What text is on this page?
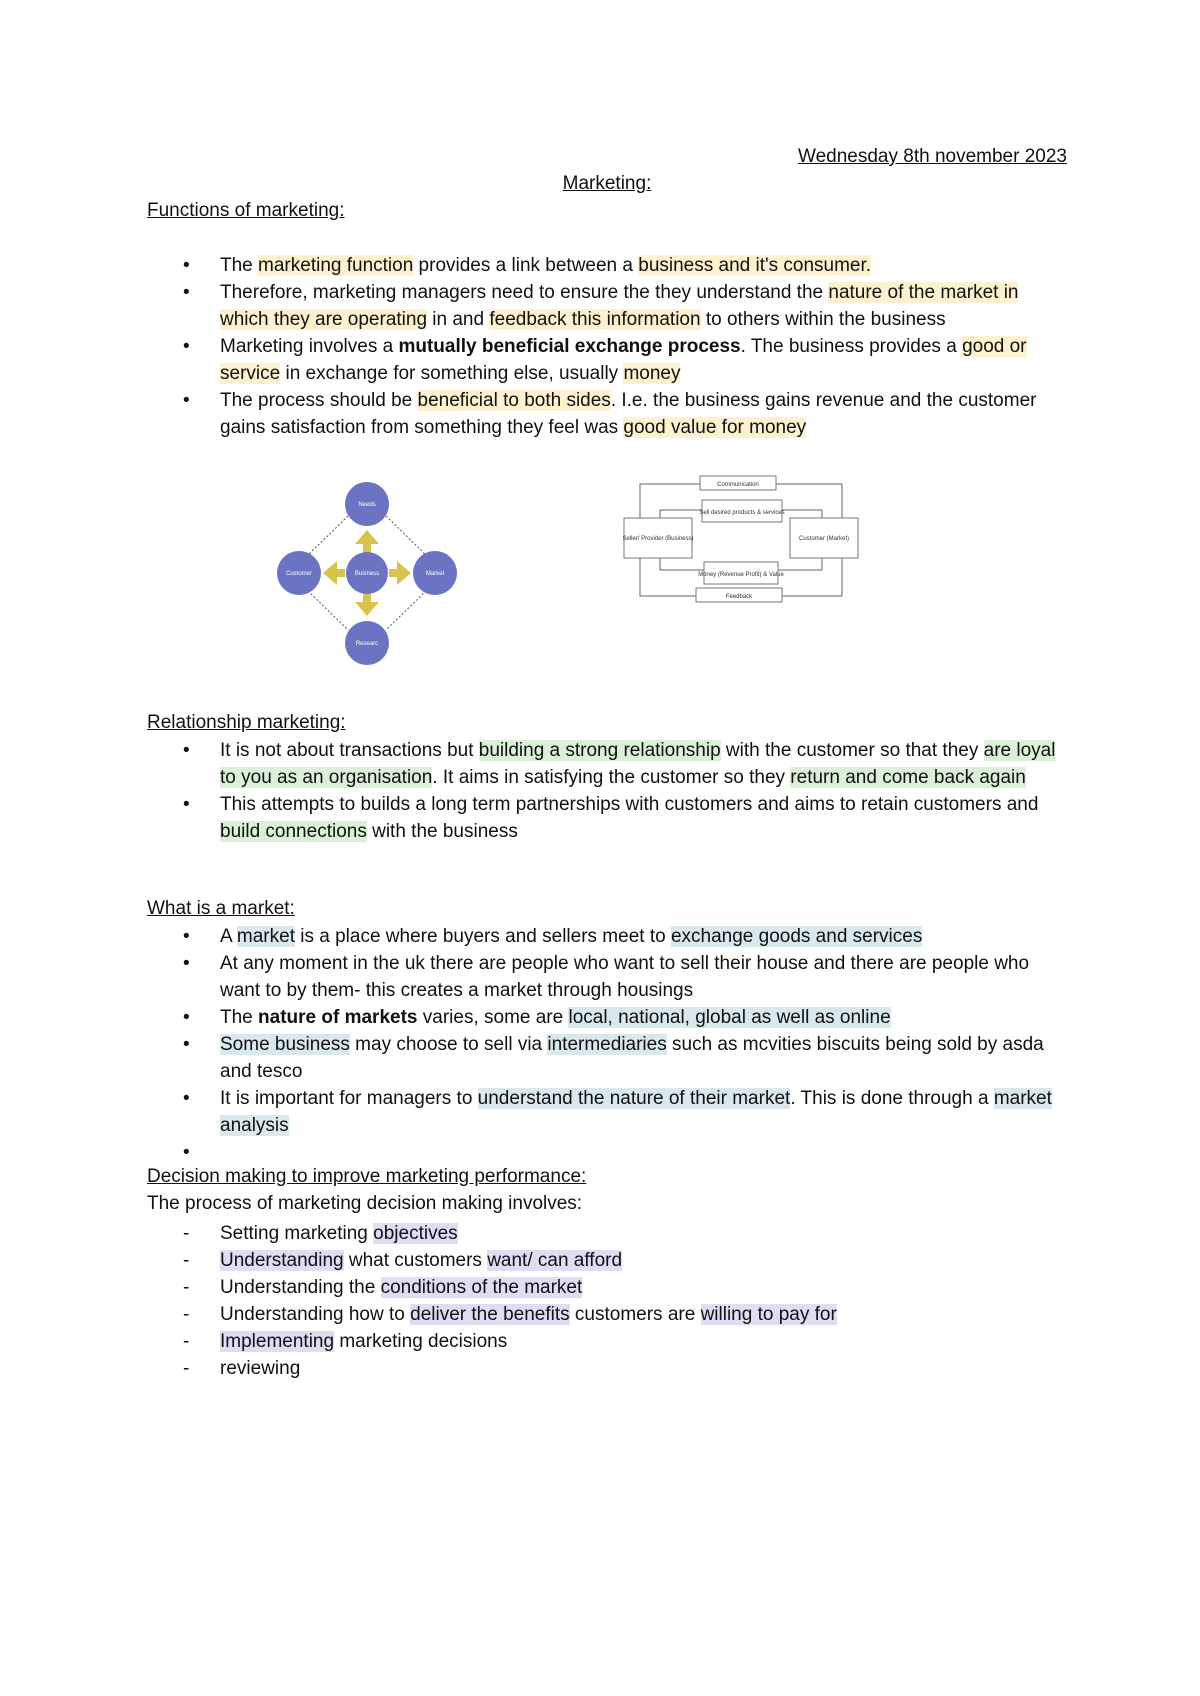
Wednesday 8th november 2023
Marketing:
Functions of marketing:
• The marketing function provides a link between a business and it's consumer.
• Therefore, marketing managers need to ensure the they understand the nature of the market in which they are operating in and feedback this information to others within the business
• Marketing involves a mutually beneficial exchange process. The business provides a good or service in exchange for something else, usually money
• The process should be beneficial to both sides. I.e. the business gains revenue and the customer gains satisfaction from something they feel was good value for money
Needs
Customer	Business	Market
Researc
Communication
Sell desired products & services
Seller/ Provider (Business)	Customer (Market)
Money (Revenue Profit) & Value
Feedback
Relationship marketing:
• It is not about transactions but building a strong relationship with the customer so that they are loyal to you as an organisation. It aims in satisfying the customer so they return and come back again
• This attempts to builds a long term partnerships with customers and aims to retain customers and build connections with the business
What is a market:
• A market is a place where buyers and sellers meet to exchange goods and services
• At any moment in the uk there are people who want to sell their house and there are people who want to by them- this creates a market through housings
• The nature of markets varies, some are local, national, global as well as online
• Some business may choose to sell via intermediaries such as mcvities biscuits being sold by asda and tesco
• It is important for managers to understand the nature of their market. This is done through a market analysis
•
Decision making to improve marketing performance:
The process of marketing decision making involves:
- Setting marketing objectives
- Understanding what customers want/ can afford
- Understanding the conditions of the market
- Understanding how to deliver the benefits customers are willing to pay for
- Implementing marketing decisions
- reviewing
